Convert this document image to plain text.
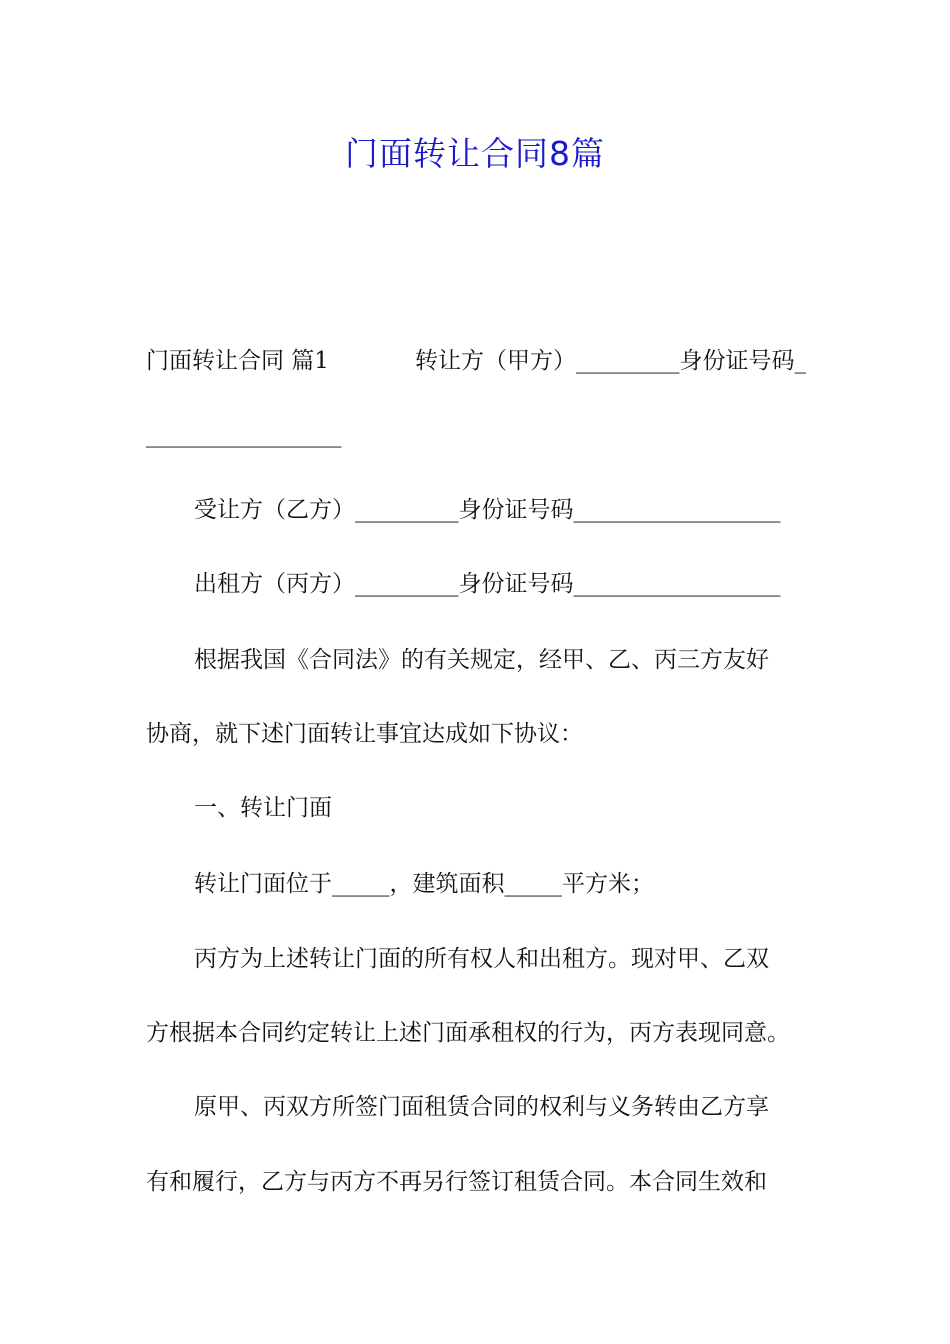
门面转让合同8篇
门面转让合同 篇1	转让方（甲方）_________身份证号码_
_________________
受让方（乙方）_________身份证号码__________________
出租方（丙方）_________身份证号码__________________
根据我国《合同法》的有关规定，经甲、乙、丙三方友好
协商，就下述门面转让事宜达成如下协议：
一、转让门面
转让门面位于_____，建筑面积_____平方米；
丙方为上述转让门面的所有权人和出租方。现对甲、乙双
方根据本合同约定转让上述门面承租权的行为，丙方表现同意。
原甲、丙双方所签门面租赁合同的权利与义务转由乙方享
有和履行，乙方与丙方不再另行签订租赁合同。本合同生效和
